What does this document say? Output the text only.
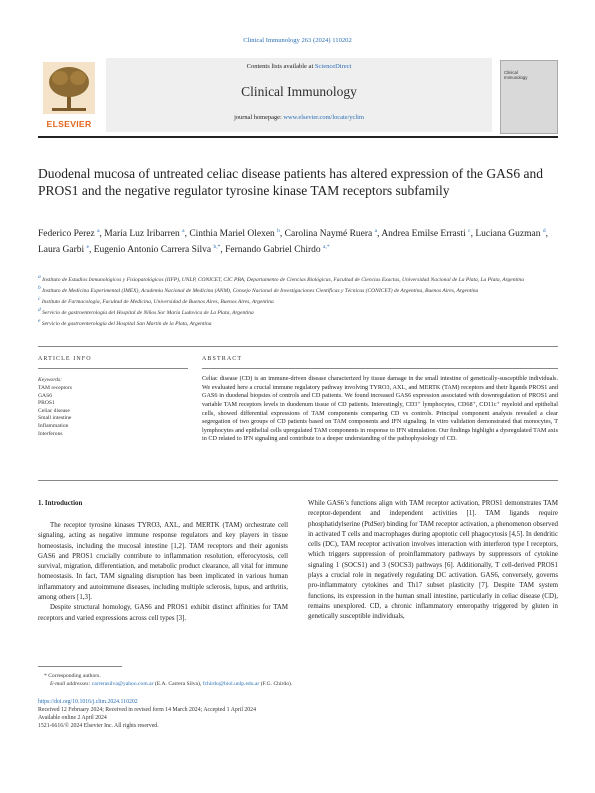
Clinical Immunology 263 (2024) 110202
ELSEVIER
Contents lists available at ScienceDirect
Clinical Immunology
journal homepage: www.elsevier.com/locate/yclim
Clinical
Immunology
Duodenal mucosa of untreated celiac disease patients has altered expression of the GAS6 and PROS1 and the negative regulator tyrosine kinase TAM receptors subfamily
Federico Perez $^a$, María Luz Iribarren $^a$, Cinthia Mariel Olexen $^b$, Carolina Naymé Ruera $^a$, Andrea Emilse Errasti $^c$, Luciana Guzman $^d$, Laura Garbi $^e$, Eugenio Antonio Carrera Silva $^{b,*}$, Fernando Gabriel Chirdo $^{a,*}$
$^a$ Instituto de Estudios Inmunológicos y Fisiopatológicos (IIFP), UNLP, CONICET, CIC PBA, Departamento de Ciencias Biológicas, Facultad de Ciencias Exactas, Universidad Nacional de La Plata, La Plata, Argentina
$^b$ Instituto de Medicina Experimental (IMEX), Academia Nacional de Medicina (ANM), Consejo Nacional de Investigaciones Científicas y Técnicas (CONICET) de Argentina, Buenos Aires, Argentina
$^c$ Instituto de Farmacología, Facultad de Medicina, Universidad de Buenos Aires, Buenos Aires, Argentina
$^d$ Servicio de gastroenterología del Hospital de Niños Sor María Ludovica de La Plata, Argentina
$^e$ Servicio de gastroenterología del Hospital San Martín de la Plata, Argentina
ARTICLE INFO	ABSTRACT
Keywords:
TAM receptors
GAS6
PROS1
Celiac disease
Small intestine
Inflammation
Interferons
Celiac disease (CD) is an immune-driven disease characterized by tissue damage in the small intestine of genetically-susceptible individuals. We evaluated here a crucial immune regulatory pathway involving TYRO3, AXL, and MERTK (TAM) receptors and their ligands PROS1 and GAS6 in duodenal biopsies of controls and CD patients. We found increased GAS6 expression associated with downregulation of PROS1 and variable TAM receptors levels in duodenum tissue of CD patients. Interestingly, CD3⁺ lymphocytes, CD68⁺, CD11c⁺ myeloid and epithelial cells, showed differential expressions of TAM components comparing CD vs controls. Principal component analysis revealed a clear segregation of two groups of CD patients based on TAM components and IFN signaling. In vitro validation demonstrated that monocytes, T lymphocytes and epithelial cells upregulated TAM components in response to IFN stimulation. Our findings highlight a dysregulated TAM axis in CD related to IFN signaling and contribute to a deeper understanding of the pathophysiology of CD.
1. Introduction

The receptor tyrosine kinases TYRO3, AXL, and MERTK (TAM) orchestrate cell signaling, acting as negative immune response regulators and key players in tissue homeostasis, including the mucosal intestine [1,2]. TAM receptors and their agonists GAS6 and PROS1 crucially contribute to inflammation resolution, efferocytosis, cell survival, migration, differentiation, and metabolic product clearance, all vital for immune homeostasis. In fact, TAM signaling disruption has been implicated in various human inflammatory and autoimmune diseases, including multiple sclerosis, lupus, and arthritis, among others [1,3].

Despite structural homology, GAS6 and PROS1 exhibit distinct affinities for TAM receptors and varied expressions across cell types [3].

While GAS6’s functions align with TAM receptor activation, PROS1 demonstrates TAM receptor-dependent and independent activities [1]. TAM ligands require phosphatidylserine (PtdSer) binding for TAM receptor activation, a phenomenon observed in activated T cells and macrophages during apoptotic cell phagocytosis [4,5]. In dendritic cells (DC), TAM receptor activation involves interaction with interferon type I receptors, which triggers suppression of proinflammatory pathways by suppressors of cytokine signaling 1 (SOCS1) and 3 (SOCS3) pathways [6]. Additionally, T cell-derived PROS1 plays a crucial role in negatively regulating DC activation. GAS6, conversely, governs pro-inflammatory cytokines and Th17 subset plasticity [7]. Despite TAM system functions, its expression in the human small intestine, particularly in celiac disease (CD), remains unexplored. CD, a chronic inflammatory enteropathy triggered by gluten in genetically susceptible individuals,

* Corresponding authors.
E-mail addresses: carrerasilva@yahoo.com.ar (E.A. Carrera Silva), fchirdo@biol.unlp.edu.ar (F.G. Chirdo).
https://doi.org/10.1016/j.clim.2024.110202
Received 12 February 2024; Received in revised form 14 March 2024; Accepted 1 April 2024
Available online 2 April 2024
1521-6616/© 2024 Elsevier Inc. All rights reserved.
